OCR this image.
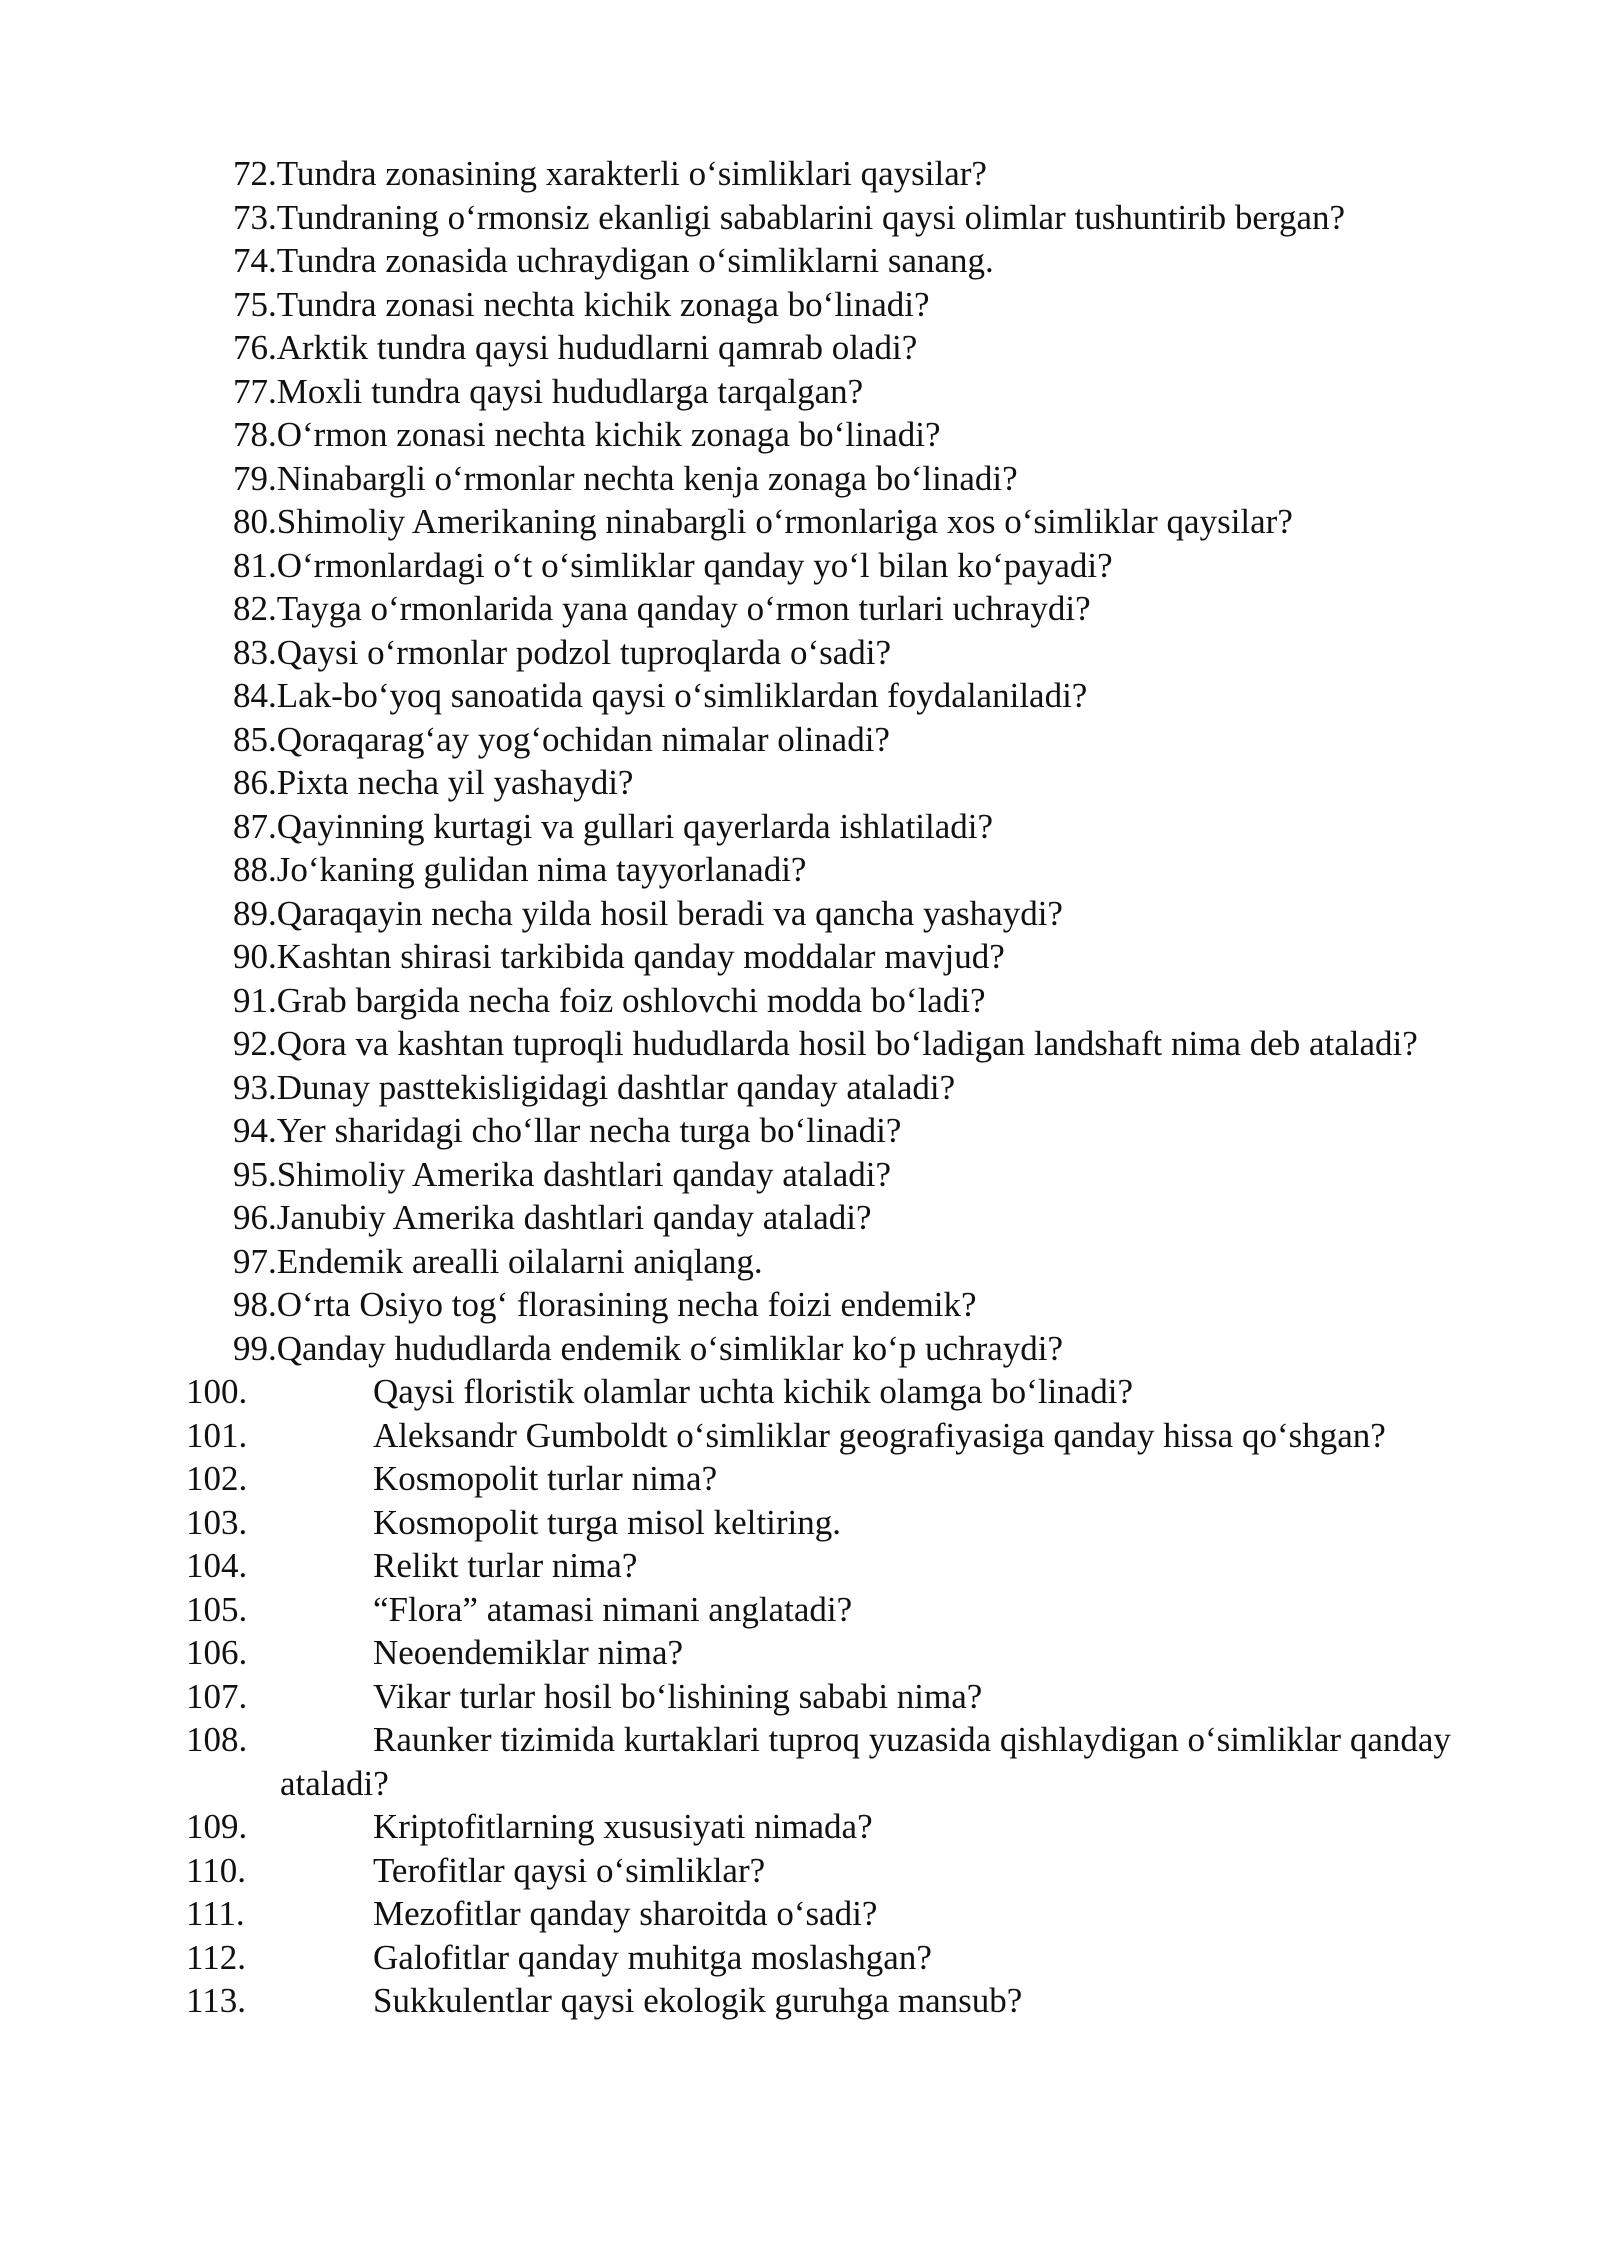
72.Tundra zonasining xarakterli o‘simliklari qaysilar?
73.Tundraning o‘rmonsiz ekanligi sabablarini qaysi olimlar tushuntirib bergan?
74.Tundra zonasida uchraydigan o‘simliklarni sanang.
75.Tundra zonasi nechta kichik zonaga bo‘linadi?
76.Arktik tundra qaysi hududlarni qamrab oladi?
77.Moxli tundra qaysi hududlarga tarqalgan?
78.O‘rmon zonasi nechta kichik zonaga bo‘linadi?
79.Ninabargli o‘rmonlar nechta kenja zonaga bo‘linadi?
80.Shimoliy Amerikaning ninabargli o‘rmonlariga xos o‘simliklar qaysilar?
81.O‘rmonlardagi o‘t o‘simliklar qanday yo‘l bilan ko‘payadi?
82.Tayga o‘rmonlarida yana qanday o‘rmon turlari uchraydi?
83.Qaysi o‘rmonlar podzol tuproqlarda o‘sadi?
84.Lak-bo‘yoq sanoatida qaysi o‘simliklardan foydalaniladi?
85.Qoraqarag‘ay yog‘ochidan nimalar olinadi?
86.Pixta necha yil yashaydi?
87.Qayinning kurtagi va gullari qayerlarda ishlatiladi?
88.Jo‘kaning gulidan nima tayyorlanadi?
89.Qaraqayin necha yilda hosil beradi va qancha yashaydi?
90.Kashtan shirasi tarkibida qanday moddalar mavjud?
91.Grab bargida necha foiz oshlovchi modda bo‘ladi?
92.Qora va kashtan tuproqli hududlarda hosil bo‘ladigan landshaft nima deb ataladi?
93.Dunay pasttekisligidagi dashtlar qanday ataladi?
94.Yer sharidagi cho‘llar necha turga bo‘linadi?
95.Shimoliy Amerika dashtlari qanday ataladi?
96.Janubiy Amerika dashtlari qanday ataladi?
97.Endemik arealli oilalarni aniqlang.
98.O‘rta Osiyo tog‘ florasining necha foizi endemik?
99.Qanday hududlarda endemik o‘simliklar ko‘p uchraydi?
100.	Qaysi floristik olamlar uchta kichik olamga bo‘linadi?
101.	Aleksandr Gumboldt o‘simliklar geografiyasiga qanday hissa qo‘shgan?
102.	Kosmopolit turlar nima?
103.	Kosmopolit turga misol keltiring.
104.	Relikt turlar nima?
105.	“Flora” atamasi nimani anglatadi?
106.	Neoendemiklar nima?
107.	Vikar turlar hosil bo‘lishining sababi nima?
108.	Raunker tizimida kurtaklari tuproq yuzasida qishlaydigan o‘simliklar qanday ataladi?
109.	Kriptofitlarning xususiyati nimada?
110.	Terofitlar qaysi o‘simliklar?
111.	Mezofitlar qanday sharoitda o‘sadi?
112.	Galofitlar qanday muhitga moslashgan?
113.	Sukkulentlar qaysi ekologik guruhga mansub?
